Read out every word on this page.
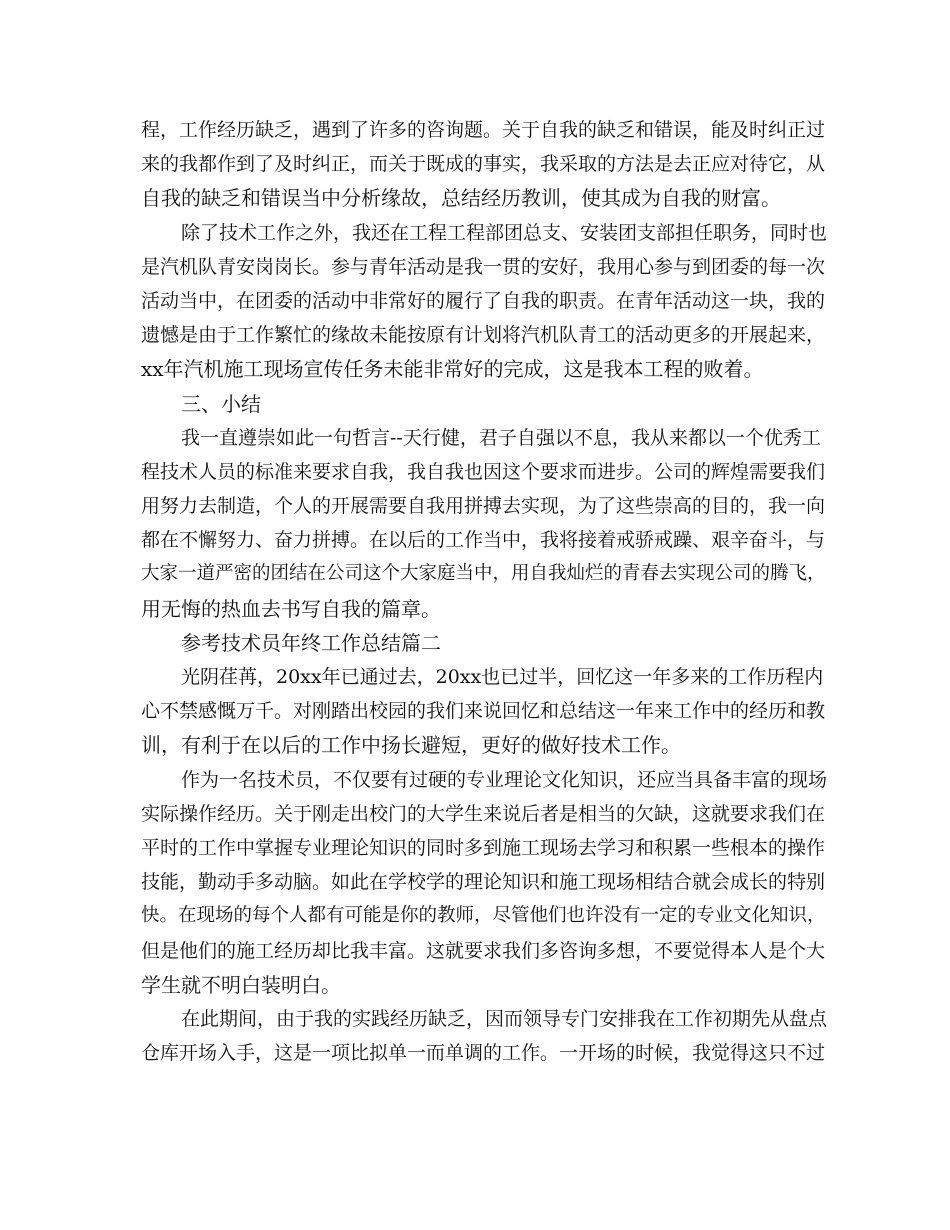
程，工作经历缺乏，遇到了许多的咨询题。关于自我的缺乏和错误，能及时纠正过
来的我都作到了及时纠正，而关于既成的事实，我采取的方法是去正应对待它，从
自我的缺乏和错误当中分析缘故，总结经历教训，使其成为自我的财富。
除了技术工作之外，我还在工程工程部团总支、安装团支部担任职务，同时也
是汽机队青安岗岗长。参与青年活动是我一贯的安好，我用心参与到团委的每一次
活动当中，在团委的活动中非常好的履行了自我的职责。在青年活动这一块，我的
遗憾是由于工作繁忙的缘故未能按原有计划将汽机队青工的活动更多的开展起来，
xx年汽机施工现场宣传任务未能非常好的完成，这是我本工程的败着。
三、小结
我一直遵崇如此一句哲言--天行健，君子自强以不息，我从来都以一个优秀工
程技术人员的标准来要求自我，我自我也因这个要求而进步。公司的辉煌需要我们
用努力去制造，个人的开展需要自我用拼搏去实现，为了这些崇高的目的，我一向
都在不懈努力、奋力拼搏。在以后的工作当中，我将接着戒骄戒躁、艰辛奋斗，与
大家一道严密的团结在公司这个大家庭当中，用自我灿烂的青春去实现公司的腾飞，
用无悔的热血去书写自我的篇章。
参考技术员年终工作总结篇二
光阴荏苒，20xx年已通过去，20xx也已过半，回忆这一年多来的工作历程内
心不禁感慨万千。对刚踏出校园的我们来说回忆和总结这一年来工作中的经历和教
训，有利于在以后的工作中扬长避短，更好的做好技术工作。
作为一名技术员，不仅要有过硬的专业理论文化知识，还应当具备丰富的现场
实际操作经历。关于刚走出校门的大学生来说后者是相当的欠缺，这就要求我们在
平时的工作中掌握专业理论知识的同时多到施工现场去学习和积累一些根本的操作
技能，勤动手多动脑。如此在学校学的理论知识和施工现场相结合就会成长的特别
快。在现场的每个人都有可能是你的教师，尽管他们也许没有一定的专业文化知识，
但是他们的施工经历却比我丰富。这就要求我们多咨询多想，不要觉得本人是个大
学生就不明白装明白。
在此期间，由于我的实践经历缺乏，因而领导专门安排我在工作初期先从盘点
仓库开场入手，这是一项比拟单一而单调的工作。一开场的时候，我觉得这只不过
